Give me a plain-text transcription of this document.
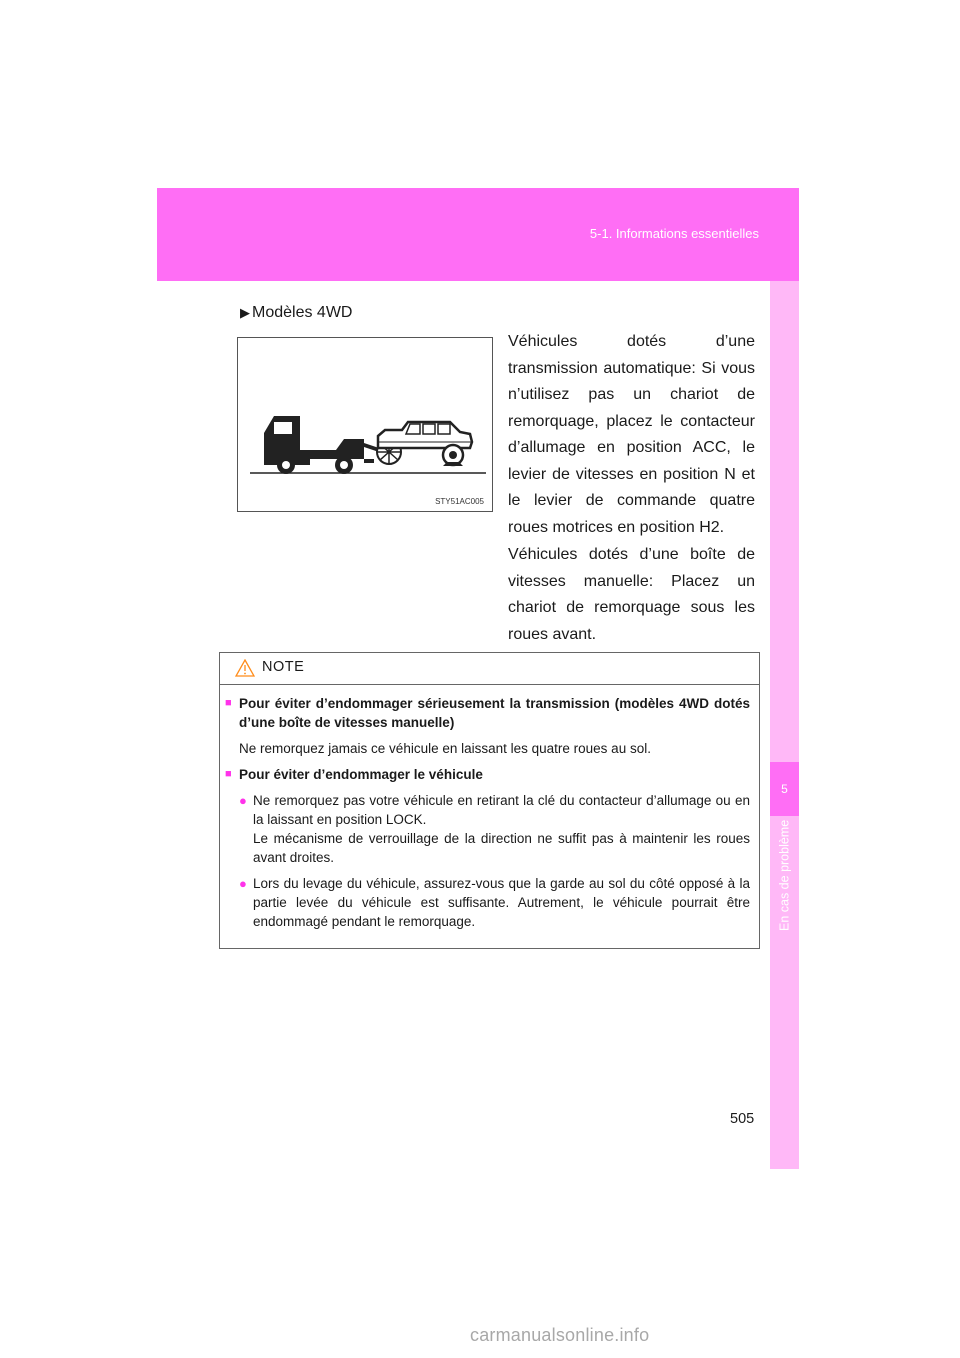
5-1. Informations essentielles
5
En cas de problème
▶ Modèles 4WD
STY51AC005

Véhicules dotés d’une transmission automatique: Si vous n’utilisez pas un chariot de remorquage, placez le contacteur d’allumage en position ACC, le levier de vitesses en position N et le levier de commande quatre roues motrices en position H2.

Véhicules dotés d’une boîte de vitesses manuelle: Placez un chariot de remorquage sous les roues avant.

NOTE
■ Pour éviter d’endommager sérieusement la transmission (modèles 4WD dotés d’une boîte de vitesses manuelle)
Ne remorquez jamais ce véhicule en laissant les quatre roues au sol.
■ Pour éviter d’endommager le véhicule
● Ne remorquez pas votre véhicule en retirant la clé du contacteur d’allumage ou en la laissant en position LOCK.
Le mécanisme de verrouillage de la direction ne suffit pas à maintenir les roues avant droites.
● Lors du levage du véhicule, assurez-vous que la garde au sol du côté opposé à la partie levée du véhicule est suffisante. Autrement, le véhicule pourrait être endommagé pendant le remorquage.
505
carmanualsonline.info
